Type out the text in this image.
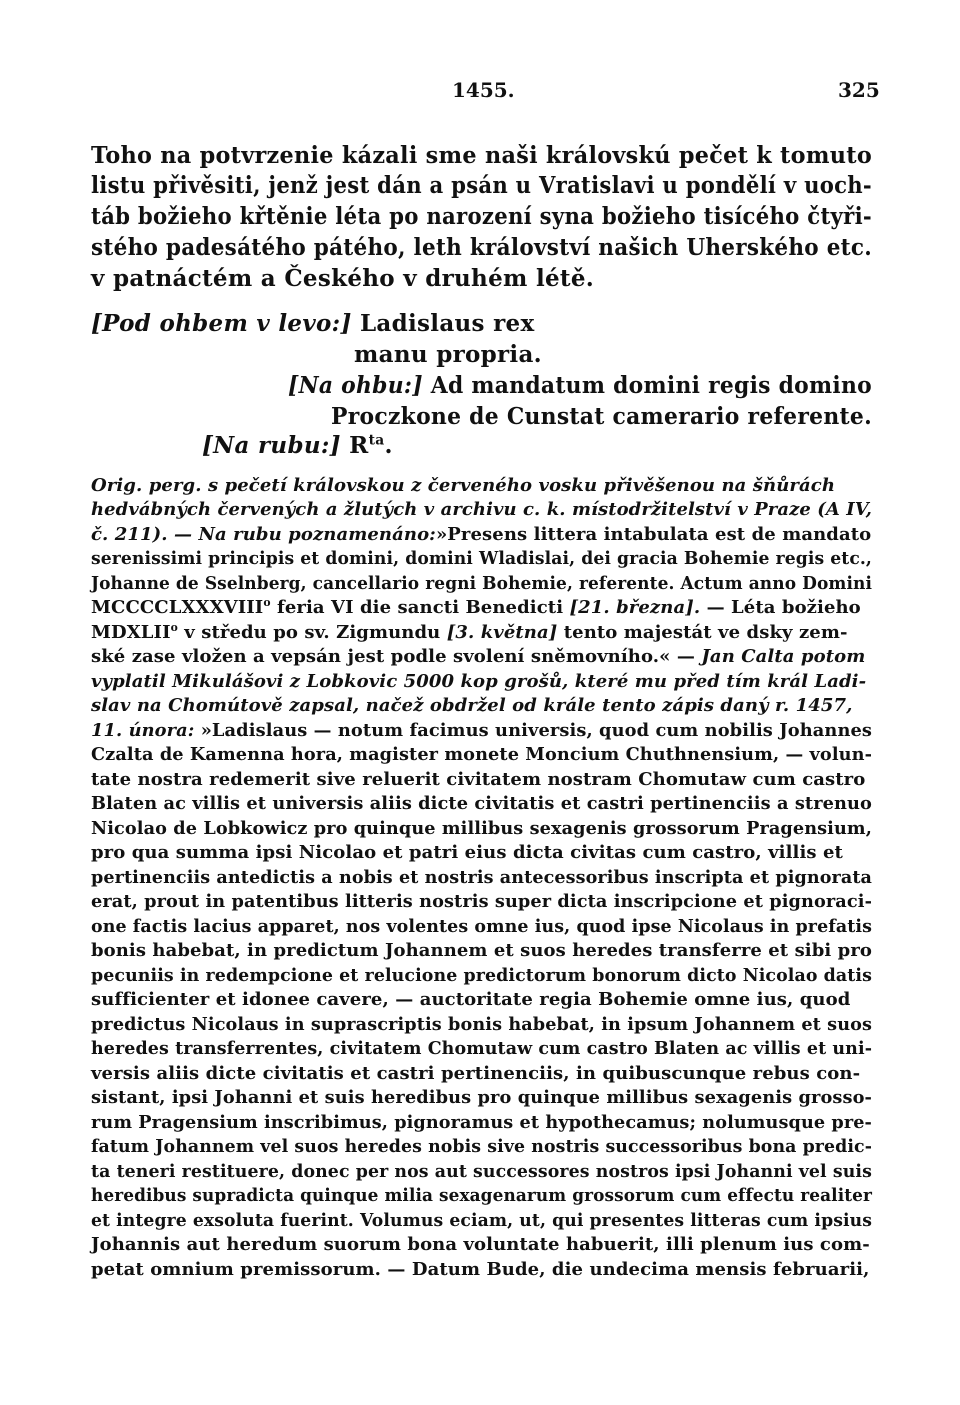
1455.	325
Toho na potvrzenie kázali sme naši královskú pečet k tomuto
listu přivěsiti, jenž jest dán a psán u Vratislavi u pondělí v uoch-
táb božieho křtěnie léta po narození syna božieho tisícého čtyři-
stého padesátého pátého, leth království našich Uherského etc.
v patnáctém a Českého v druhém létě.
[Pod ohbem v levo:] Ladislaus rex
manu propria.
[Na ohbu:] Ad mandatum domini regis domino
Proczkone de Cunstat camerario referente.
[Na rubu:] $R^{ta}$.
Orig. perg. s pečetí královskou z červeného vosku přivěšenou na šňůrách
hedvábných červených a žlutých v archivu c. k. místodržitelství v Praze (A IV,
č. 211). — Na rubu poznamenáno:»Presens littera intabulata est de mandato
serenissimi principis et domini, domini Wladislai, dei gracia Bohemie regis etc.,
Johanne de Sselnberg, cancellario regni Bohemie, referente. Actum anno Domini
MCCCCLXXXVIII$^o$ feria VI die sancti Benedicti [21. března]. — Léta božieho
MDXLII$^o$ v středu po sv. Zigmundu [3. května] tento majestát ve dsky zem-
ské zase vložen a vepsán jest podle svolení sněmovního.« — Jan Calta potom
vyplatil Mikulášovi z Lobkovic 5000 kop grošů, které mu před tím král Ladi-
slav na Chomútově zapsal, načež obdržel od krále tento zápis daný r. 1457,
11. února: »Ladislaus — notum facimus universis, quod cum nobilis Johannes
Czalta de Kamenna hora, magister monete Moncium Chuthnensium, — volun-
tate nostra redemerit sive reluerit civitatem nostram Chomutaw cum castro
Blaten ac villis et universis aliis dicte civitatis et castri pertinenciis a strenuo
Nicolao de Lobkowicz pro quinque millibus sexagenis grossorum Pragensium,
pro qua summa ipsi Nicolao et patri eius dicta civitas cum castro, villis et
pertinenciis antedictis a nobis et nostris antecessoribus inscripta et pignorata
erat, prout in patentibus litteris nostris super dicta inscripcione et pignoraci-
one factis lacius apparet, nos volentes omne ius, quod ipse Nicolaus in prefatis
bonis habebat, in predictum Johannem et suos heredes transferre et sibi pro
pecuniis in redempcione et relucione predictorum bonorum dicto Nicolao datis
sufficienter et idonee cavere, — auctoritate regia Bohemie omne ius, quod
predictus Nicolaus in suprascriptis bonis habebat, in ipsum Johannem et suos
heredes transferrentes, civitatem Chomutaw cum castro Blaten ac villis et uni-
versis aliis dicte civitatis et castri pertinenciis, in quibuscunque rebus con-
sistant, ipsi Johanni et suis heredibus pro quinque millibus sexagenis grosso-
rum Pragensium inscribimus, pignoramus et hypothecamus; nolumusque pre-
fatum Johannem vel suos heredes nobis sive nostris successoribus bona predic-
ta teneri restituere, donec per nos aut successores nostros ipsi Johanni vel suis
heredibus supradicta quinque milia sexagenarum grossorum cum effectu realiter
et integre exsoluta fuerint. Volumus eciam, ut, qui presentes litteras cum ipsius
Johannis aut heredum suorum bona voluntate habuerit, illi plenum ius com-
petat omnium premissorum. — Datum Bude, die undecima mensis februarii,
